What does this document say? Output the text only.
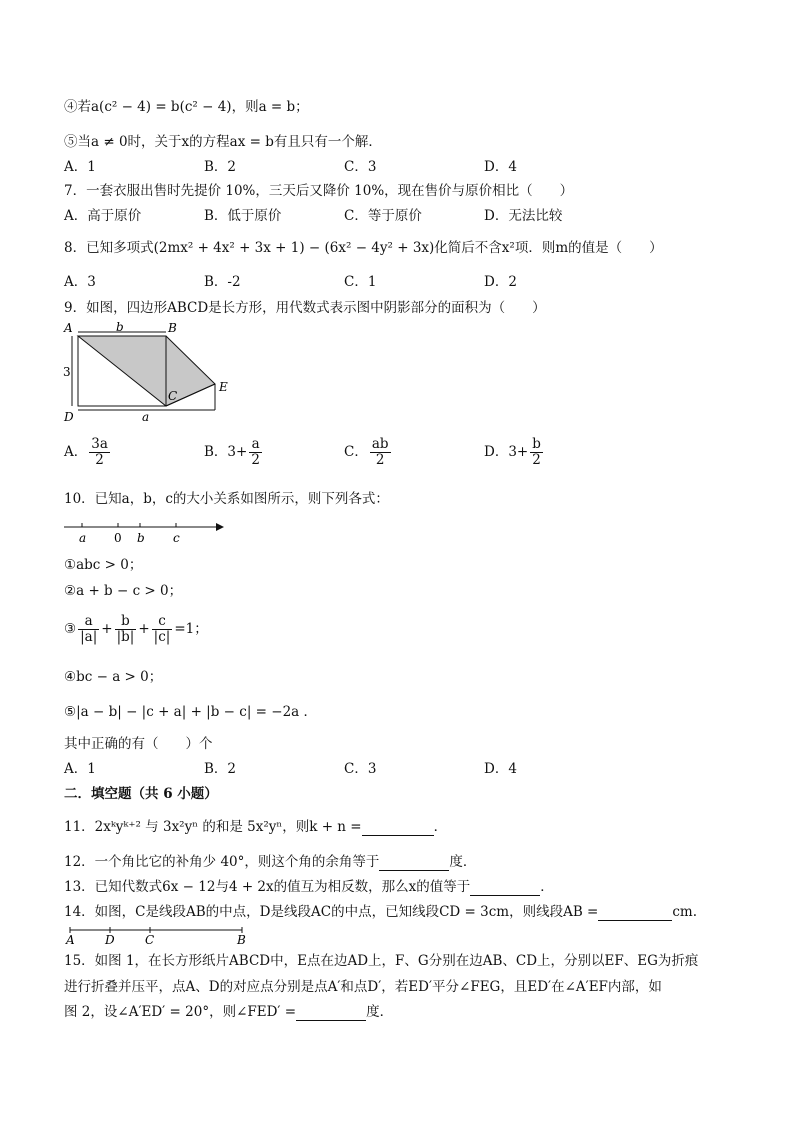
④若a(c² − 4) = b(c² − 4)，则a = b；
⑤当a ≠ 0时，关于x的方程ax = b有且只有一个解．
A．1	B．2	C．3	D．4
7．一套衣服出售时先提价 10%，三天后又降价 10%，现在售价与原价相比（　　）
A．高于原价	B．低于原价	C．等于原价	D．无法比较
8．已知多项式(2mx² + 4x² + 3x + 1) − (6x² − 4y² + 3x)化简后不含x²项．则m的值是（　　）
A．3	B．-2	C．1	D．2
9．如图，四边形ABCD是长方形，用代数式表示图中阴影部分的面积为（　　）
A	B
C
D
E
b
a
3
A． $\frac{3a}{2}$	B．$3+ \frac{a}{2}$	C． $\frac{ab}{2}$	D．$3+ \frac{b}{2}$
10．已知a，b，c的大小关系如图所示，则下列各式：
a 0 b c
①abc > 0；
②a + b − c > 0；
③ $\frac{a}{|a|} + \frac{b}{|b|} + \frac{c}{|c|} =1$；
④bc − a > 0；
⑤|a − b| − |c + a| + |b − c| = −2a ．
其中正确的有（　　）个
A．1	B．2	C．3	D．4
二．填空题（共 6 小题）
11．2xᵏyᵏ⁺² 与 3x²yⁿ 的和是 5x²yⁿ，则k + n =	．
12．一个角比它的补角少 40°，则这个角的余角等于	度．
13．已知代数式6x − 12与4 + 2x的值互为相反数，那么x的值等于	．
14．如图，C是线段AB的中点，D是线段AC的中点，已知线段CD = 3cm，则线段AB =	cm.
A	D	C	B
15．如图 1，在长方形纸片ABCD中，E点在边AD上，F、G分别在边AB、CD上，分别以EF、EG为折痕
进行折叠并压平，点A、D的对应点分别是点A′和点D′，若ED′平分∠FEG，且ED′在∠A′EF内部，如
图 2，设∠A′ED′ = 20°，则∠FED′ =	度．
